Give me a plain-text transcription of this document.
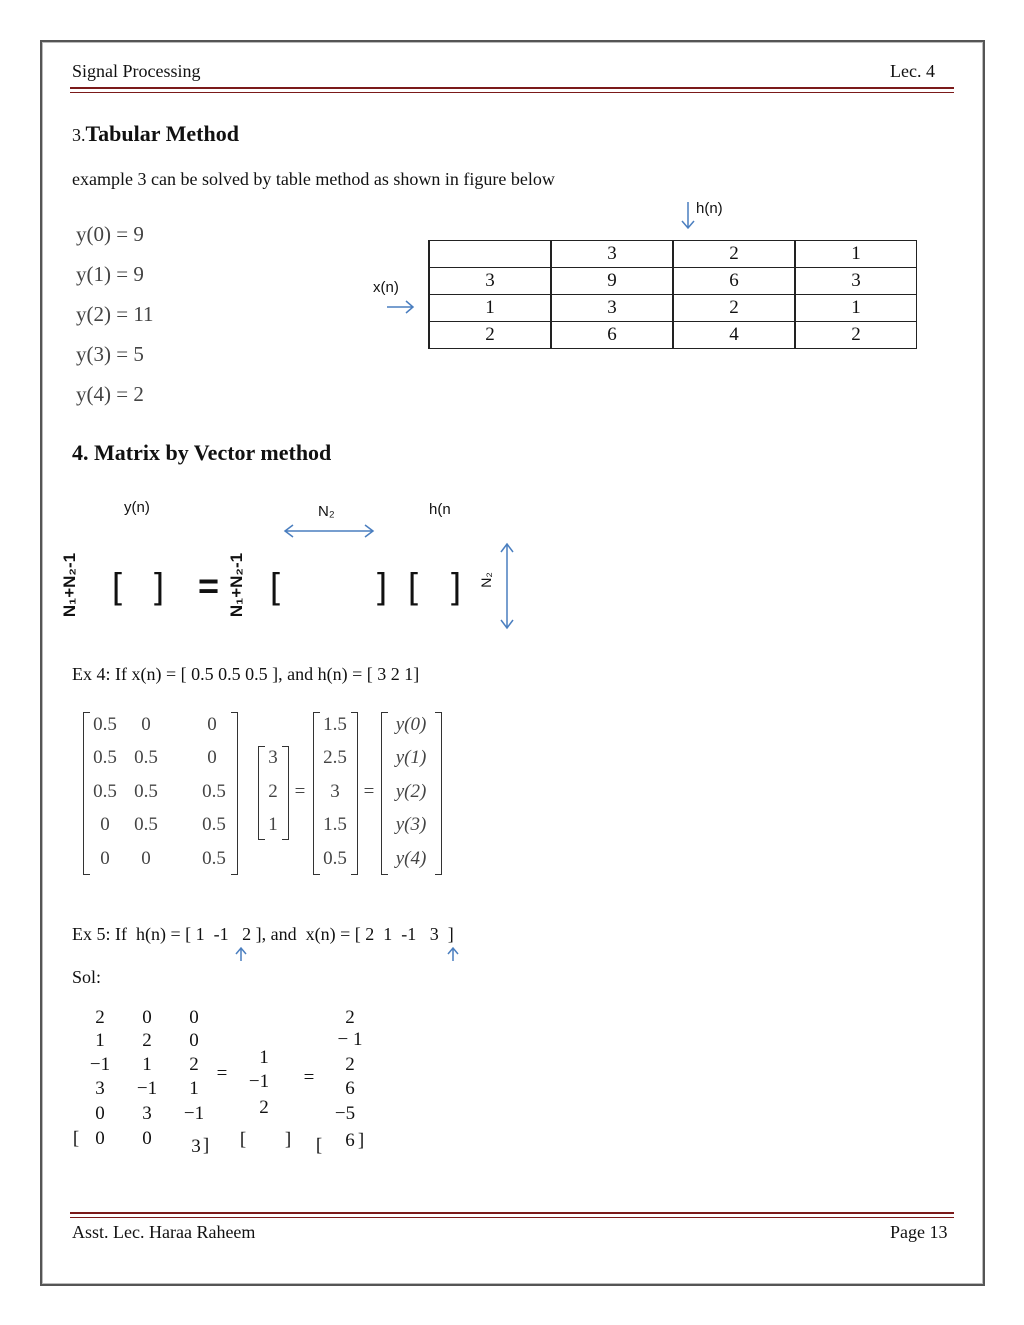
Signal Processing	Lec. 4
3.Tabular Method
example 3 can be solved by table method as shown in figure below
y(0) = 9
y(1) = 9
y(2) = 11
y(3) = 5
y(4) = 2
h(n)
x(n)
	3	2	1
3	9	6	3
1	3	2	1
2	6	4	2
4. Matrix by Vector method
y(n)	N₂	h(n
N₁+N₂-1	N₁+N₂-1
[ ] = [	] [ ] N₂
Ex 4: If x(n) = [ 0.5 0.5 0.5 ], and h(n) = [ 3 2 1]
0.5 0	0
0.5 0.5	0
0.5 0.5 0.5
0 0.5 0.5
0 0	0.5
3
2
1
=
1.5
2.5
3
1.5
0.5
=
y(0)
y(1)
y(2)
y(3)
y(4)
Ex 5: If  h(n) = [ 1  -1   2 ], and  x(n) = [ 2  1  -1   3  ]
Sol:
2 0 0
1 2 0
−1 1 2
3 −1 1
0 3 −1
0 0 3
[	]
=
1
−1
2
[ ]
=
2
− 1
2
6
−5
6
[ ]
Asst. Lec. Haraa Raheem	Page 13
